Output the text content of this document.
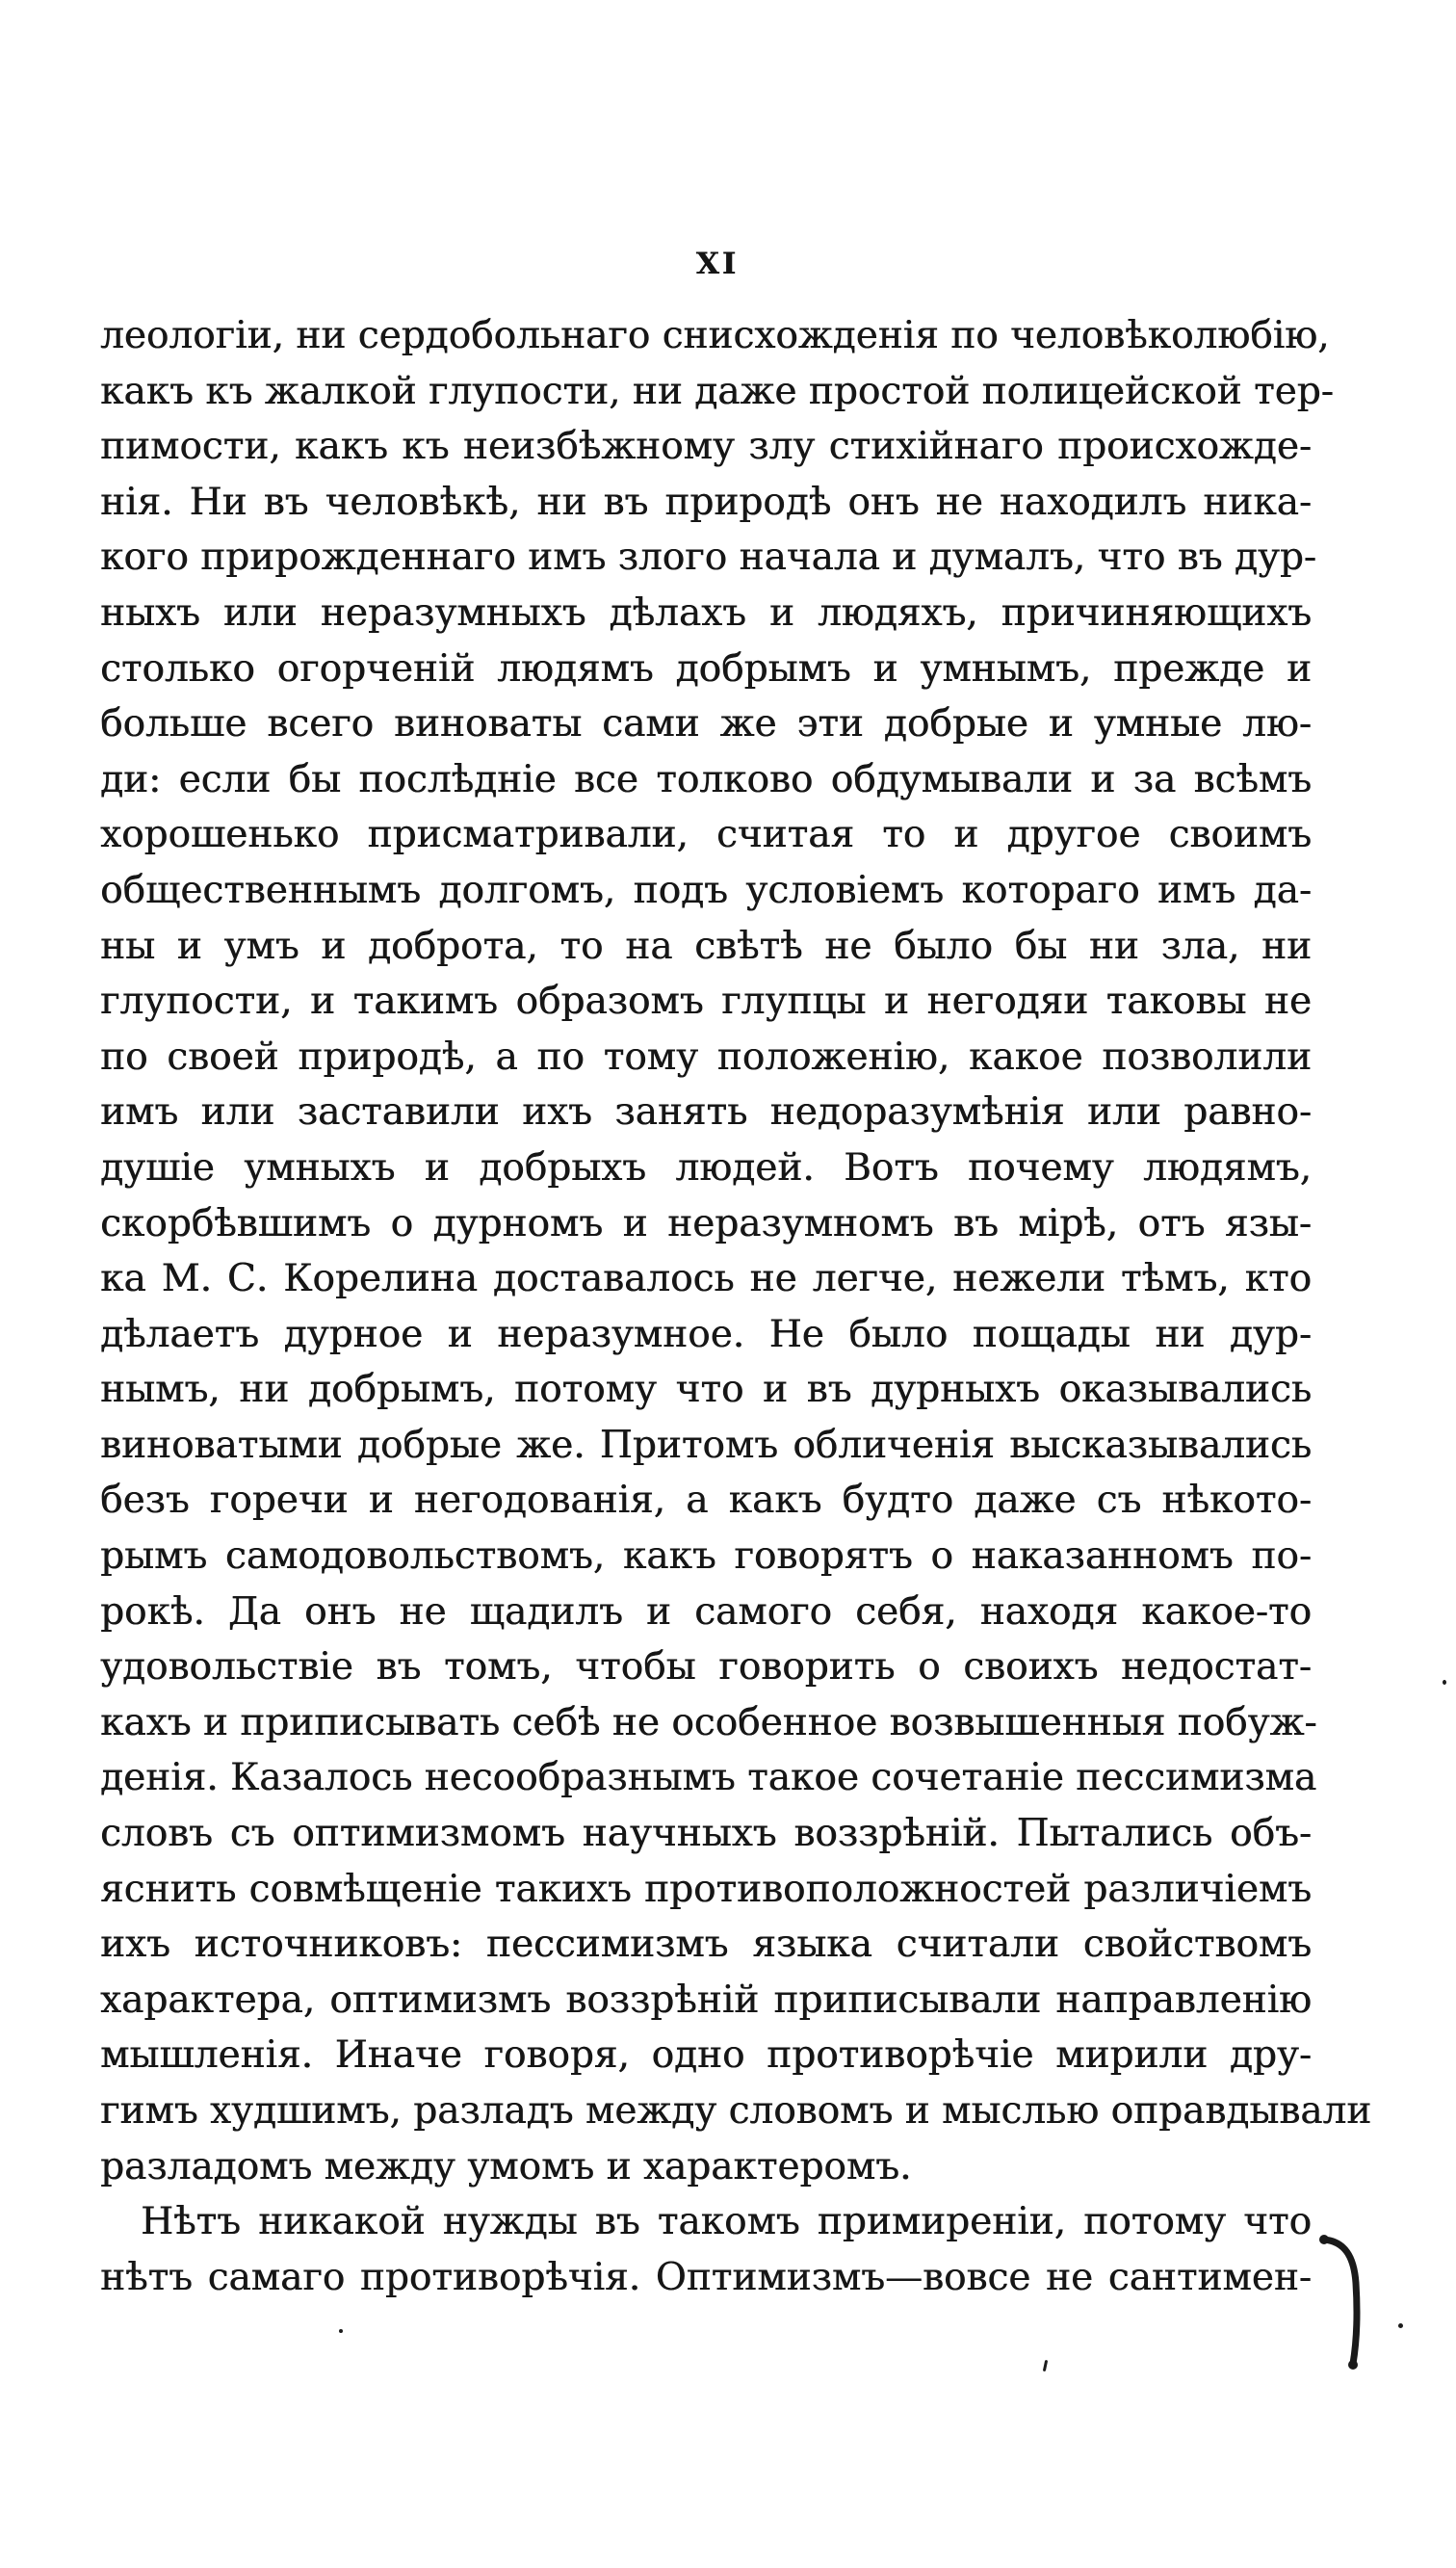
XI
леологіи, ни сердобольнаго снисхожденія по человѣколюбію,
какъ къ жалкой глупости, ни даже простой полицейской тер-
пимости, какъ къ неизбѣжному злу стихійнаго происхожде-
нія. Ни въ человѣкѣ, ни въ природѣ онъ не находилъ ника-
кого прирожденнаго имъ злого начала и думалъ, что въ дур-
ныхъ или неразумныхъ дѣлахъ и людяхъ, причиняющихъ
столько огорченій людямъ добрымъ и умнымъ, прежде и
больше всего виноваты сами же эти добрые и умные лю-
ди: если бы послѣдніе все толково обдумывали и за всѣмъ
хорошенько присматривали, считая то и другое своимъ
общественнымъ долгомъ, подъ условіемъ котораго имъ да-
ны и умъ и доброта, то на свѣтѣ не было бы ни зла, ни
глупости, и такимъ образомъ глупцы и негодяи таковы не
по своей природѣ, а по тому положенію, какое позволили
имъ или заставили ихъ занять недоразумѣнія или равно-
душіе умныхъ и добрыхъ людей. Вотъ почему людямъ,
скорбѣвшимъ о дурномъ и неразумномъ въ мірѣ, отъ язы-
ка М. С. Корелина доставалось не легче, нежели тѣмъ, кто
дѣлаетъ дурное и неразумное. Не было пощады ни дур-
нымъ, ни добрымъ, потому что и въ дурныхъ оказывались
виноватыми добрые же. Притомъ обличенія высказывались
безъ горечи и негодованія, а какъ будто даже съ нѣкото-
рымъ самодовольствомъ, какъ говорятъ о наказанномъ по-
рокѣ. Да онъ не щадилъ и самого себя, находя какое-то
удовольствіе въ томъ, чтобы говорить о своихъ недостат-
кахъ и приписывать себѣ не особенное возвышенныя побуж-
денія. Казалось несообразнымъ такое сочетаніе пессимизма
словъ съ оптимизмомъ научныхъ воззрѣній. Пытались объ-
яснить совмѣщеніе такихъ противоположностей различіемъ
ихъ источниковъ: пессимизмъ языка считали свойствомъ
характера, оптимизмъ воззрѣній приписывали направленію
мышленія. Иначе говоря, одно противорѣчіе мирили дру-
гимъ худшимъ, разладъ между словомъ и мыслью оправдывали
разладомъ между умомъ и характеромъ.
Нѣтъ никакой нужды въ такомъ примиреніи, потому что
нѣтъ самаго противорѣчія. Оптимизмъ—вовсе не сантимен-
